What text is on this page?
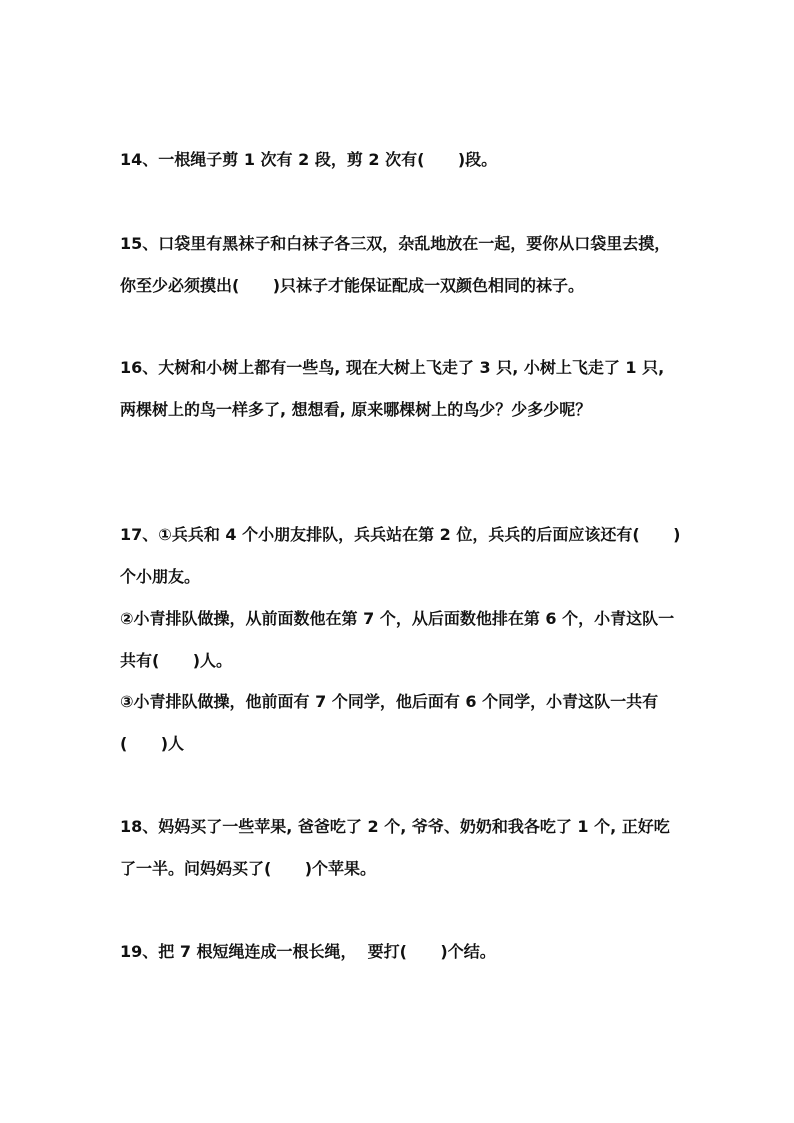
14、一根绳子剪 1 次有 2 段，剪 2 次有(      )段。
15、口袋里有黑袜子和白袜子各三双，杂乱地放在一起，要你从口袋里去摸，
你至少必须摸出(      )只袜子才能保证配成一双颜色相同的袜子。
16、大树和小树上都有一些鸟, 现在大树上飞走了 3 只, 小树上飞走了 1 只,
两棵树上的鸟一样多了, 想想看, 原来哪棵树上的鸟少？少多少呢？
17、①兵兵和 4 个小朋友排队，兵兵站在第 2 位，兵兵的后面应该还有(      )
个小朋友。
②小青排队做操，从前面数他在第 7 个，从后面数他排在第 6 个，小青这队一
共有(      )人。
③小青排队做操，他前面有 7 个同学，他后面有 6 个同学，小青这队一共有
(      )人
18、妈妈买了一些苹果, 爸爸吃了 2 个, 爷爷、奶奶和我各吃了 1 个, 正好吃
了一半。问妈妈买了(      )个苹果。
19、把 7 根短绳连成一根长绳，  要打(      )个结。
